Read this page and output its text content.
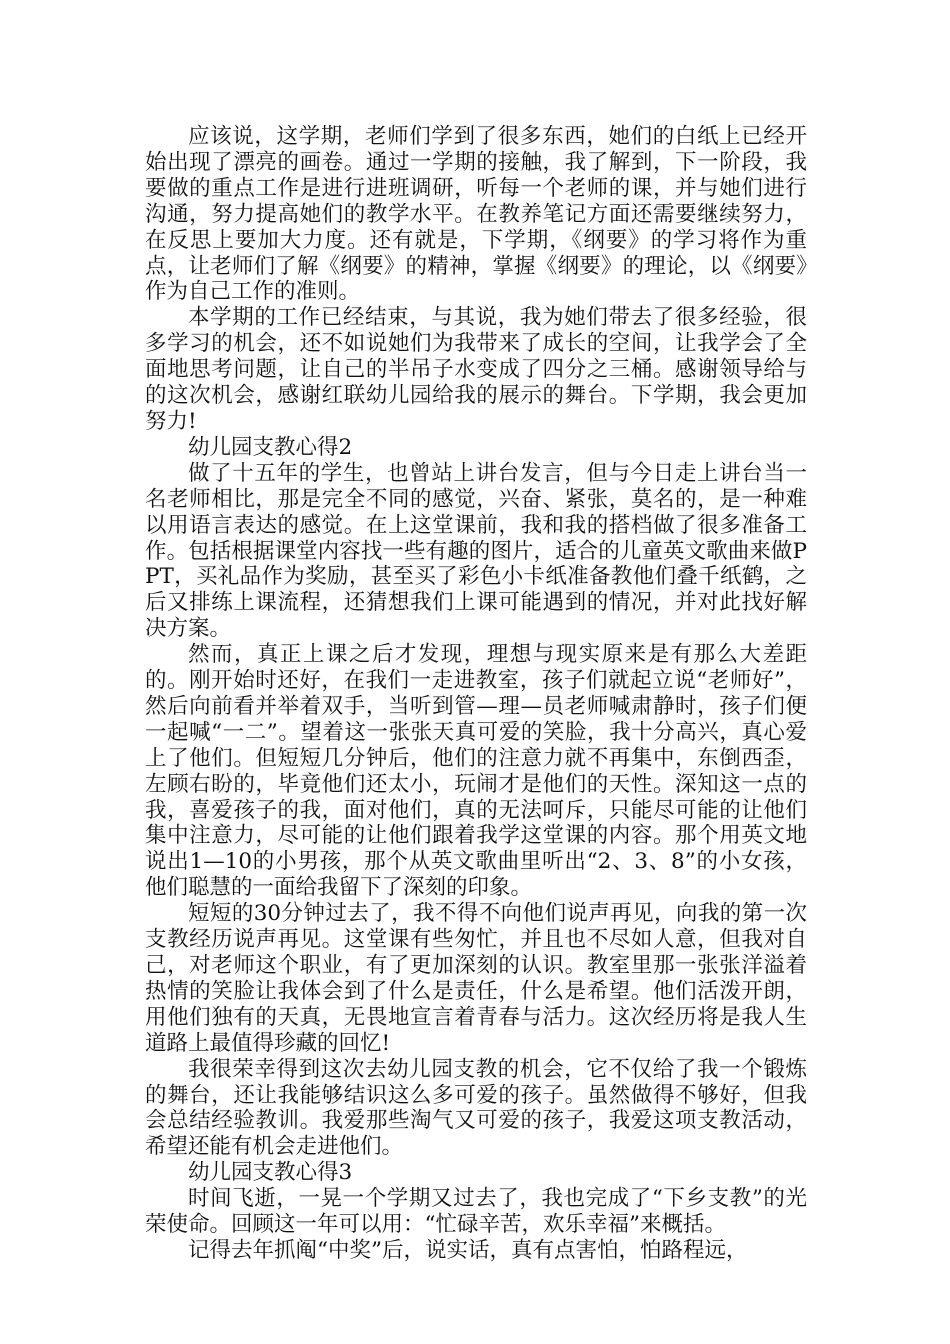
应该说，这学期，老师们学到了很多东西，她们的白纸上已经开始出现了漂亮的画卷。通过一学期的接触，我了解到，下一阶段，我要做的重点工作是进行进班调研，听每一个老师的课，并与她们进行沟通，努力提高她们的教学水平。在教养笔记方面还需要继续努力，在反思上要加大力度。还有就是，下学期，《纲要》的学习将作为重点，让老师们了解《纲要》的精神，掌握《纲要》的理论，以《纲要》作为自己工作的准则。

本学期的工作已经结束，与其说，我为她们带去了很多经验，很多学习的机会，还不如说她们为我带来了成长的空间，让我学会了全面地思考问题，让自己的半吊子水变成了四分之三桶。感谢领导给与的这次机会，感谢红联幼儿园给我的展示的舞台。下学期，我会更加努力!

幼儿园支教心得2

做了十五年的学生，也曾站上讲台发言，但与今日走上讲台当一名老师相比，那是完全不同的感觉，兴奋、紧张，莫名的，是一种难以用语言表达的感觉。在上这堂课前，我和我的搭档做了很多准备工作。包括根据课堂内容找一些有趣的图片，适合的儿童英文歌曲来做PPT，买礼品作为奖励，甚至买了彩色小卡纸准备教他们叠千纸鹤，之后又排练上课流程，还猜想我们上课可能遇到的情况，并对此找好解决方案。

然而，真正上课之后才发现，理想与现实原来是有那么大差距的。刚开始时还好，在我们一走进教室，孩子们就起立说“老师好”，然后向前看并举着双手，当听到管—理—员老师喊肃静时，孩子们便一起喊“一二”。望着这一张张天真可爱的笑脸，我十分高兴，真心爱上了他们。但短短几分钟后，他们的注意力就不再集中，东倒西歪，左顾右盼的，毕竟他们还太小，玩闹才是他们的天性。深知这一点的我，喜爱孩子的我，面对他们，真的无法呵斥，只能尽可能的让他们集中注意力，尽可能的让他们跟着我学这堂课的内容。那个用英文地说出1—10的小男孩，那个从英文歌曲里听出“2、3、8”的小女孩，他们聪慧的一面给我留下了深刻的印象。

短短的30分钟过去了，我不得不向他们说声再见，向我的第一次支教经历说声再见。这堂课有些匆忙，并且也不尽如人意，但我对自己，对老师这个职业，有了更加深刻的认识。教室里那一张张洋溢着热情的笑脸让我体会到了什么是责任，什么是希望。他们活泼开朗，用他们独有的天真，无畏地宣言着青春与活力。这次经历将是我人生道路上最值得珍藏的回忆!

我很荣幸得到这次去幼儿园支教的机会，它不仅给了我一个锻炼的舞台，还让我能够结识这么多可爱的孩子。虽然做得不够好，但我会总结经验教训。我爱那些淘气又可爱的孩子，我爱这项支教活动，希望还能有机会走进他们。

幼儿园支教心得3

时间飞逝，一晃一个学期又过去了，我也完成了“下乡支教”的光荣使命。回顾这一年可以用：“忙碌辛苦，欢乐幸福”来概括。

记得去年抓阄“中奖”后，说实话，真有点害怕，怕路程远，
